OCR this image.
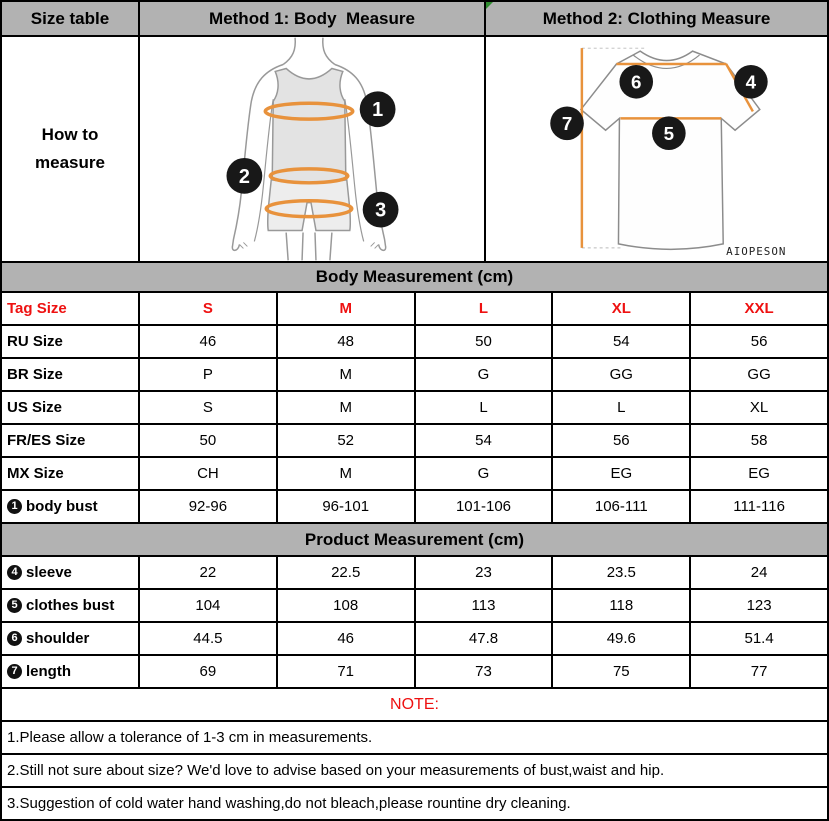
Size table	Method 1: Body  Measure	Method 2: Clothing Measure
How to measure
1
2
3
6	4
7	5
AIOPESON
Body Measurement (cm)
Tag Size	S	M	L	XL	XXL
RU Size	46	48	50	54	56
BR Size	P	M	G	GG	GG
US Size	S	M	L	L	XL
FR/ES Size	50	52	54	56	58
MX Size	CH	M	G	EG	EG
1 body bust	92-96	96-101	101-106	106-111	111-116
Product Measurement (cm)
4 sleeve	22	22.5	23	23.5	24
5 clothes bust	104	108	113	118	123
6 shoulder	44.5	46	47.8	49.6	51.4
7 length	69	71	73	75	77
NOTE:
1.Please allow a tolerance of 1-3 cm in measurements.
2.Still not sure about size? We'd love to advise based on your measurements of bust,waist and hip.
3.Suggestion of cold water hand washing,do not bleach,please rountine dry cleaning.
